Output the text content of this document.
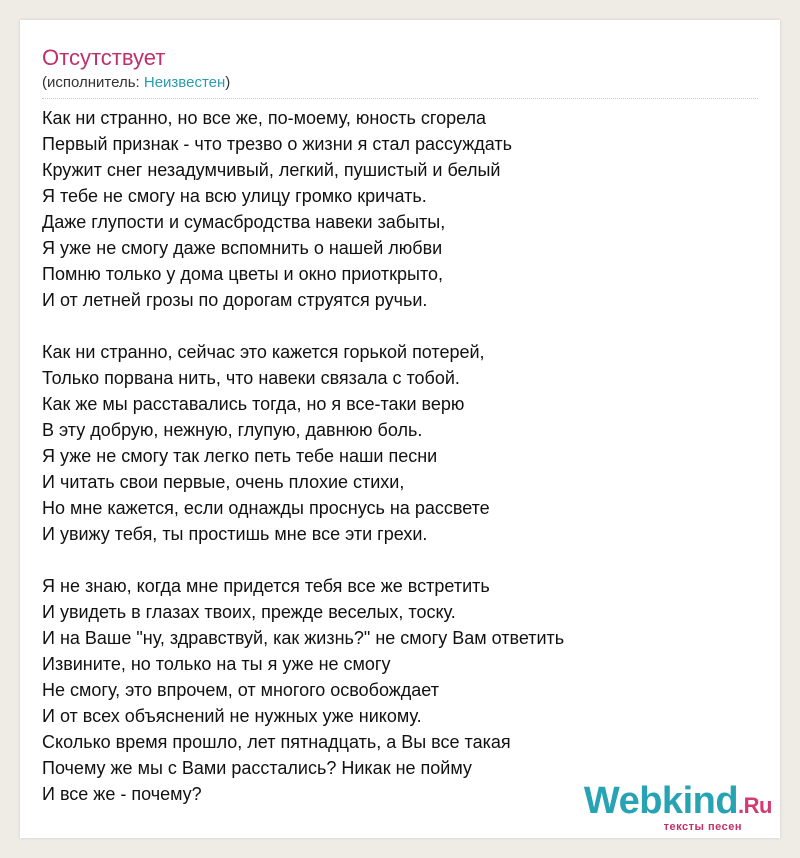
Отсутствует
(исполнитель: Неизвестен)
Как ни странно, но все же, по-моему, юность сгорела
Первый признак - что трезво о жизни я стал рассуждать
Кружит снег незадумчивый, легкий, пушистый и белый
Я тебе не смогу на всю улицу громко кричать.
Даже глупости и сумасбродства навеки забыты,
Я уже не смогу даже вспомнить о нашей любви
Помню только у дома цветы и окно приоткрыто,
И от летней грозы по дорогам струятся ручьи.
Как ни странно, сейчас это кажется горькой потерей,
Только порвана нить, что навеки связала с тобой.
Как же мы расставались тогда, но я все-таки верю
В эту добрую, нежную, глупую, давнюю боль.
Я уже не смогу так легко петь тебе наши песни
И читать свои первые, очень плохие стихи,
Но мне кажется, если однажды проснусь на рассвете
И увижу тебя, ты простишь мне все эти грехи.
Я не знаю, когда мне придется тебя все же встретить
И увидеть в глазах твоих, прежде веселых, тоску.
И на Ваше "ну, здравствуй, как жизнь?" не смогу Вам ответить
Извините, но только на ты я уже не смогу
Не смогу, это впрочем, от многого освобождает
И от всех объяснений не нужных уже никому.
Сколько время прошло, лет пятнадцать, а Вы все такая
Почему же мы с Вами расстались? Никак не пойму
И все же - почему?	Webkind.Ru
тексты песен
